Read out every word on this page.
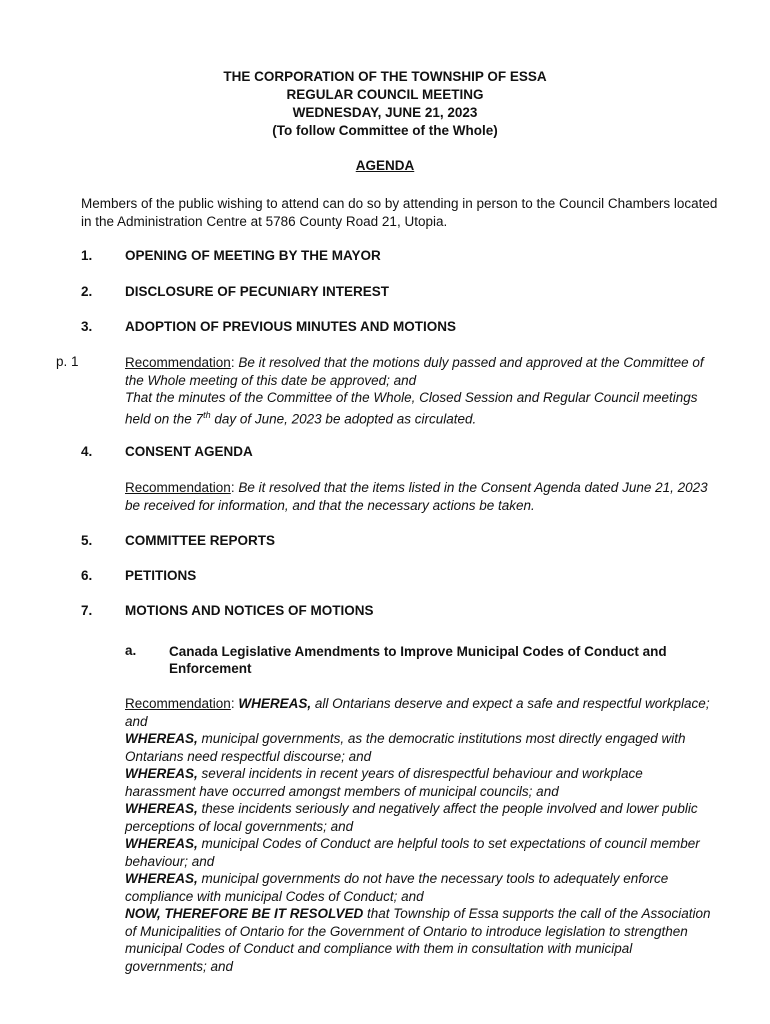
THE CORPORATION OF THE TOWNSHIP OF ESSA
REGULAR COUNCIL MEETING
WEDNESDAY, JUNE 21, 2023
(To follow Committee of the Whole)
AGENDA
Members of the public wishing to attend can do so by attending in person to the Council Chambers located in the Administration Centre at 5786 County Road 21, Utopia.
1. OPENING OF MEETING BY THE MAYOR
2. DISCLOSURE OF PECUNIARY INTEREST
3. ADOPTION OF PREVIOUS MINUTES AND MOTIONS
p. 1	Recommendation: Be it resolved that the motions duly passed and approved at the Committee of the Whole meeting of this date be approved; and
That the minutes of the Committee of the Whole, Closed Session and Regular Council meetings held on the 7th day of June, 2023 be adopted as circulated.
4. CONSENT AGENDA
Recommendation: Be it resolved that the items listed in the Consent Agenda dated June 21, 2023 be received for information, and that the necessary actions be taken.
5. COMMITTEE REPORTS
6. PETITIONS
7. MOTIONS AND NOTICES OF MOTIONS
a. Canada Legislative Amendments to Improve Municipal Codes of Conduct and Enforcement
Recommendation: WHEREAS, all Ontarians deserve and expect a safe and respectful workplace; and
WHEREAS, municipal governments, as the democratic institutions most directly engaged with Ontarians need respectful discourse; and
WHEREAS, several incidents in recent years of disrespectful behaviour and workplace harassment have occurred amongst members of municipal councils; and
WHEREAS, these incidents seriously and negatively affect the people involved and lower public perceptions of local governments; and
WHEREAS, municipal Codes of Conduct are helpful tools to set expectations of council member behaviour; and
WHEREAS, municipal governments do not have the necessary tools to adequately enforce compliance with municipal Codes of Conduct; and
NOW, THEREFORE BE IT RESOLVED that Township of Essa supports the call of the Association of Municipalities of Ontario for the Government of Ontario to introduce legislation to strengthen municipal Codes of Conduct and compliance with them in consultation with municipal governments; and
